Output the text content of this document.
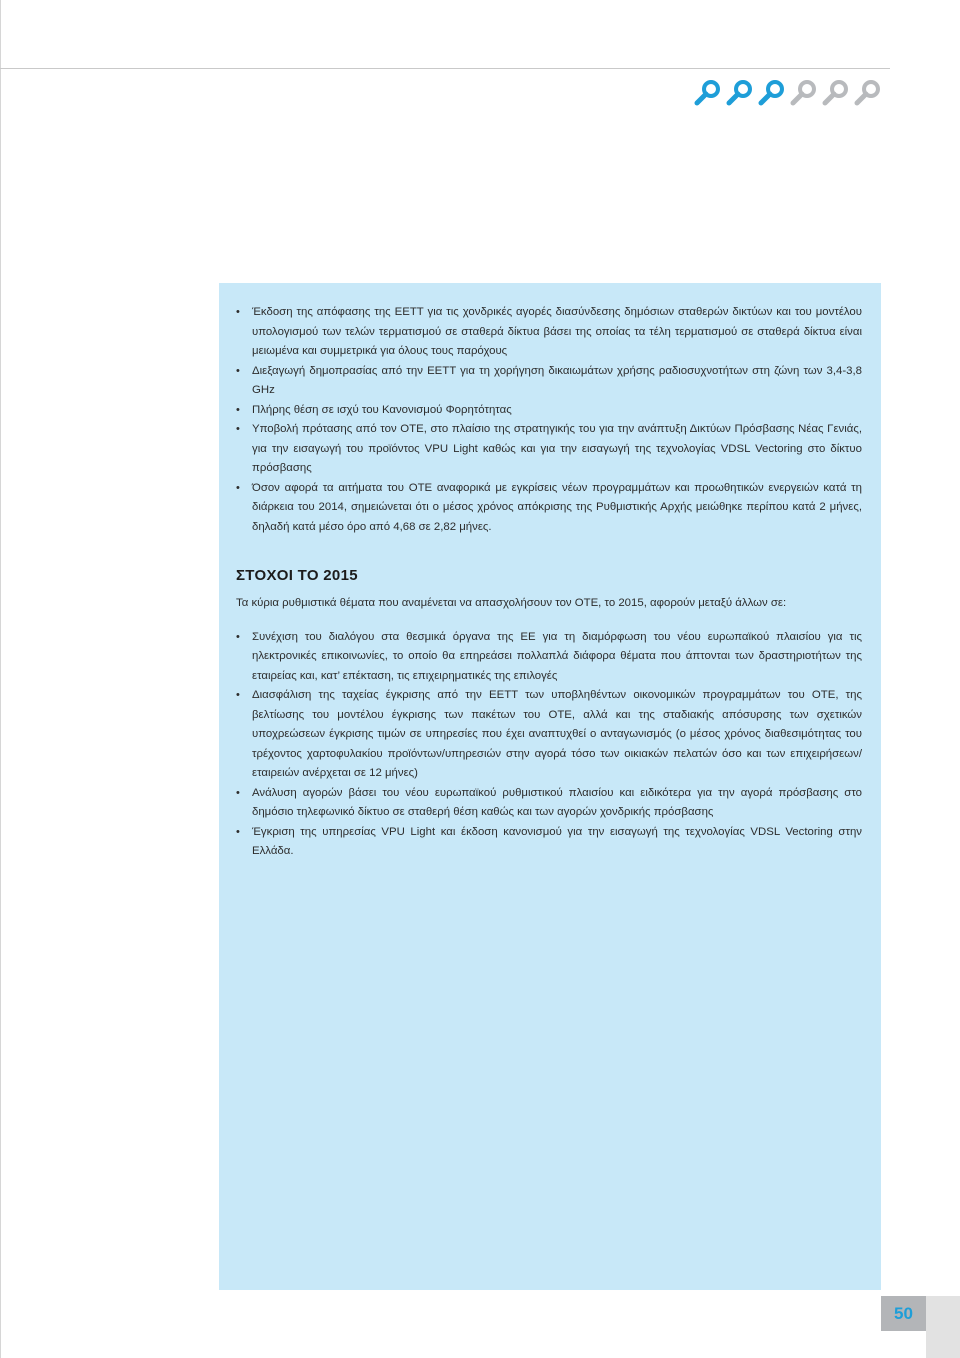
• Έκδοση της απόφασης της ΕΕΤΤ για τις χονδρικές αγορές διασύνδεσης δημόσιων σταθερών δικτύων και του μοντέλου υπολογισμού των τελών τερματισμού σε σταθερά δίκτυα βάσει της οποίας τα τέλη τερματισμού σε σταθερά δίκτυα είναι μειωμένα και συμμετρικά για όλους τους παρόχους
• Διεξαγωγή δημοπρασίας από την ΕΕΤΤ για τη χορήγηση δικαιωμάτων χρήσης ραδιοσυχνοτήτων στη ζώνη των 3,4-3,8 GHz
• Πλήρης θέση σε ισχύ του Κανονισμού Φορητότητας
• Υποβολή πρότασης από τον ΟΤΕ, στο πλαίσιο της στρατηγικής του για την ανάπτυξη Δικτύων Πρόσβασης Νέας Γενιάς, για την εισαγωγή του προϊόντος VPU Light καθώς και για την εισαγωγή της τεχνολογίας VDSL Vectoring στο δίκτυο πρόσβασης
• Όσον αφορά τα αιτήματα του ΟΤΕ αναφορικά με εγκρίσεις νέων προγραμμάτων και προωθητικών ενεργειών κατά τη διάρκεια του 2014, σημειώνεται ότι ο μέσος χρόνος απόκρισης της Ρυθμιστικής Αρχής μειώθηκε περίπου κατά 2 μήνες, δηλαδή κατά μέσο όρο από 4,68 σε 2,82 μήνες.
ΣΤΟΧΟΙ ΤΟ 2015

Τα κύρια ρυθμιστικά θέματα που αναμένεται να απασχολήσουν τον ΟΤΕ, το 2015, αφορούν μεταξύ άλλων σε:

• Συνέχιση του διαλόγου στα θεσμικά όργανα της ΕΕ για τη διαμόρφωση του νέου ευρωπαϊκού πλαισίου για τις ηλεκτρονικές επικοινωνίες, το οποίο θα επηρεάσει πολλαπλά διάφορα θέματα που άπτονται των δραστηριοτήτων της εταιρείας και, κατ’ επέκταση, τις επιχειρηματικές της επιλογές
• Διασφάλιση της ταχείας έγκρισης από την ΕΕΤΤ των υποβληθέντων οικονομικών προγραμμάτων του ΟΤΕ, της βελτίωσης του μοντέλου έγκρισης των πακέτων του ΟΤΕ, αλλά και της σταδιακής απόσυρσης των σχετικών υποχρεώσεων έγκρισης τιμών σε υπηρεσίες που έχει αναπτυχθεί ο ανταγωνισμός (ο μέσος χρόνος διαθεσιμότητας του τρέχοντος χαρτοφυλακίου προϊόντων/υπηρεσιών στην αγορά τόσο των οικιακών πελατών όσο και των επιχειρήσεων/εταιρειών ανέρχεται σε 12 μήνες)
• Ανάλυση αγορών βάσει του νέου ευρωπαϊκού ρυθμιστικού πλαισίου και ειδικότερα για την αγορά πρόσβασης στο δημόσιο τηλεφωνικό δίκτυο σε σταθερή θέση καθώς και των αγορών χονδρικής πρόσβασης
• Έγκριση της υπηρεσίας VPU Light και έκδοση κανονισμού για την εισαγωγή της τεχνολογίας VDSL Vectoring στην Ελλάδα.
50
